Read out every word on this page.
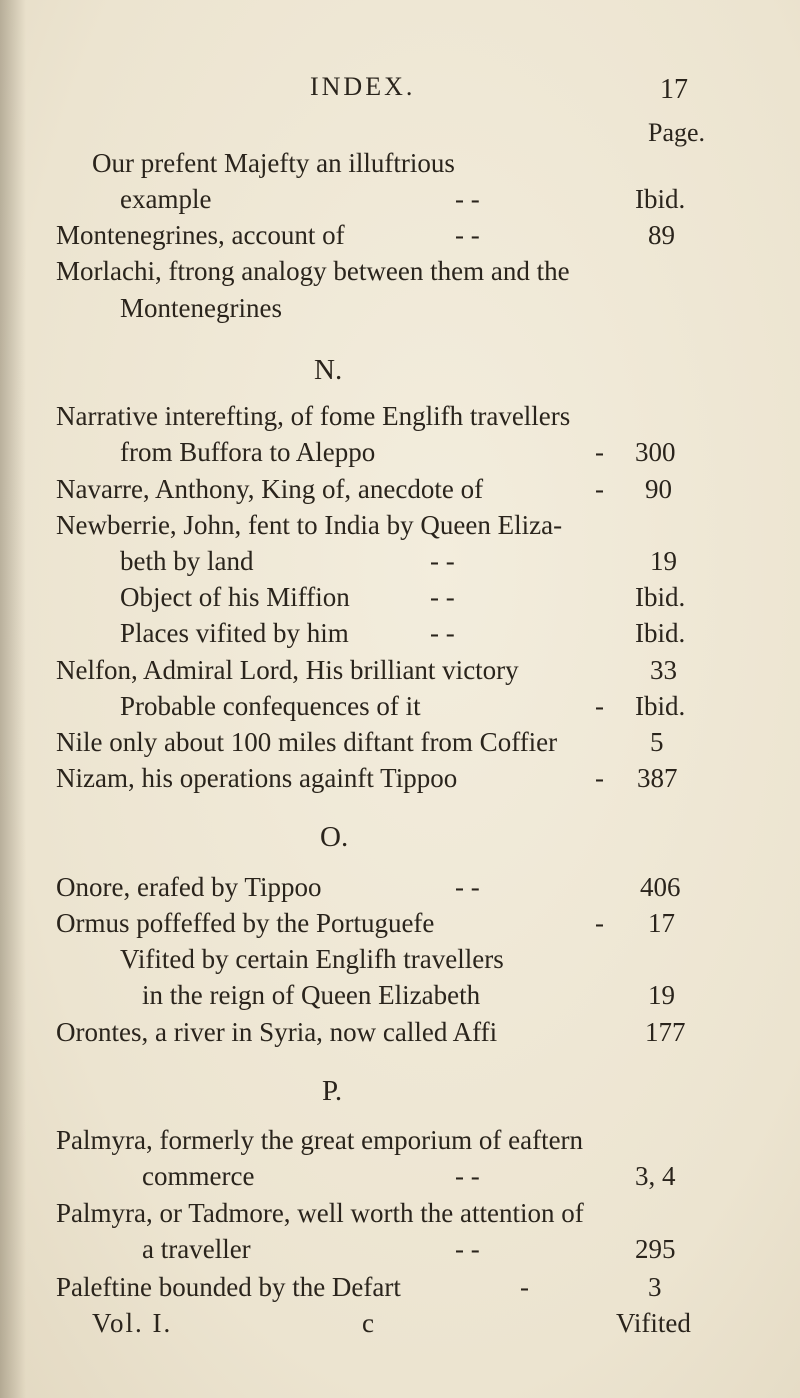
INDEX.	17
Page.
Our prefent Majefty an illuftrious
example	- -	Ibid.
Montenegrines, account of	- -	89
Morlachi, ftrong analogy between them and the
Montenegrines
N.
Narrative interefting, of fome Englifh travellers
from Buffora to Aleppo	- 300
Navarre, Anthony, King of, anecdote of	- 90
Newberrie, John, fent to India by Queen Eliza-
beth by land	- -	19
Object of his Miffion	- -	Ibid.
Places vifited by him	- -	Ibid.
Nelfon, Admiral Lord, His brilliant victory	33
Probable confequences of it	- Ibid.
Nile only about 100 miles diftant from Coffier	5
Nizam, his operations againft Tippoo	- 387
O.
Onore, erafed by Tippoo	- -	406
Ormus poffeffed by the Portuguefe	- 17
Vifited by certain Englifh travellers
in the reign of Queen Elizabeth	19
Orontes, a river in Syria, now called Affi	177
P.
Palmyra, formerly the great emporium of eaftern
commerce	- -	3, 4
Palmyra, or Tadmore, well worth the attention of
a traveller	- -	295
Paleftine bounded by the Defart	-	3
Vol. I.	c	Vifited
